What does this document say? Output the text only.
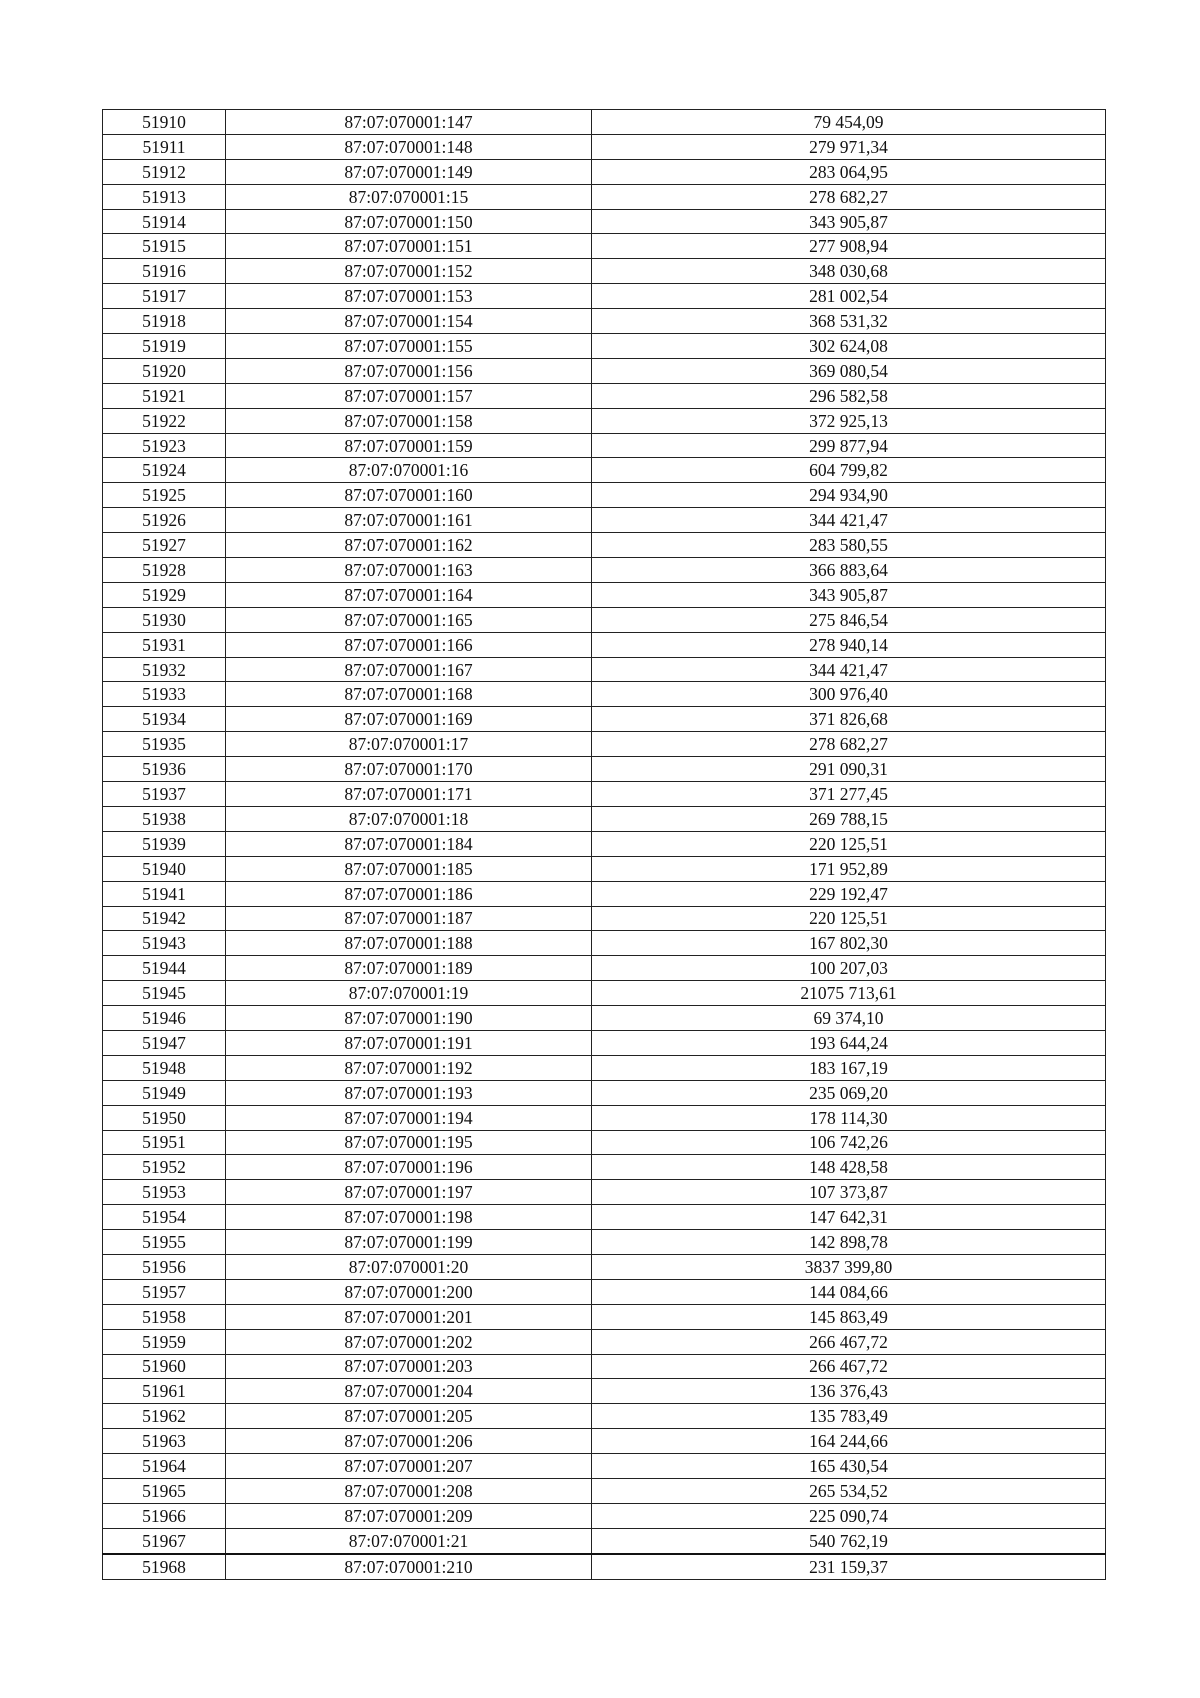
51910	87:07:070001:147	79 454,09
51911	87:07:070001:148	279 971,34
51912	87:07:070001:149	283 064,95
51913	87:07:070001:15	278 682,27
51914	87:07:070001:150	343 905,87
51915	87:07:070001:151	277 908,94
51916	87:07:070001:152	348 030,68
51917	87:07:070001:153	281 002,54
51918	87:07:070001:154	368 531,32
51919	87:07:070001:155	302 624,08
51920	87:07:070001:156	369 080,54
51921	87:07:070001:157	296 582,58
51922	87:07:070001:158	372 925,13
51923	87:07:070001:159	299 877,94
51924	87:07:070001:16	604 799,82
51925	87:07:070001:160	294 934,90
51926	87:07:070001:161	344 421,47
51927	87:07:070001:162	283 580,55
51928	87:07:070001:163	366 883,64
51929	87:07:070001:164	343 905,87
51930	87:07:070001:165	275 846,54
51931	87:07:070001:166	278 940,14
51932	87:07:070001:167	344 421,47
51933	87:07:070001:168	300 976,40
51934	87:07:070001:169	371 826,68
51935	87:07:070001:17	278 682,27
51936	87:07:070001:170	291 090,31
51937	87:07:070001:171	371 277,45
51938	87:07:070001:18	269 788,15
51939	87:07:070001:184	220 125,51
51940	87:07:070001:185	171 952,89
51941	87:07:070001:186	229 192,47
51942	87:07:070001:187	220 125,51
51943	87:07:070001:188	167 802,30
51944	87:07:070001:189	100 207,03
51945	87:07:070001:19	21075 713,61
51946	87:07:070001:190	69 374,10
51947	87:07:070001:191	193 644,24
51948	87:07:070001:192	183 167,19
51949	87:07:070001:193	235 069,20
51950	87:07:070001:194	178 114,30
51951	87:07:070001:195	106 742,26
51952	87:07:070001:196	148 428,58
51953	87:07:070001:197	107 373,87
51954	87:07:070001:198	147 642,31
51955	87:07:070001:199	142 898,78
51956	87:07:070001:20	3837 399,80
51957	87:07:070001:200	144 084,66
51958	87:07:070001:201	145 863,49
51959	87:07:070001:202	266 467,72
51960	87:07:070001:203	266 467,72
51961	87:07:070001:204	136 376,43
51962	87:07:070001:205	135 783,49
51963	87:07:070001:206	164 244,66
51964	87:07:070001:207	165 430,54
51965	87:07:070001:208	265 534,52
51966	87:07:070001:209	225 090,74
51967	87:07:070001:21	540 762,19
51968	87:07:070001:210	231 159,37
